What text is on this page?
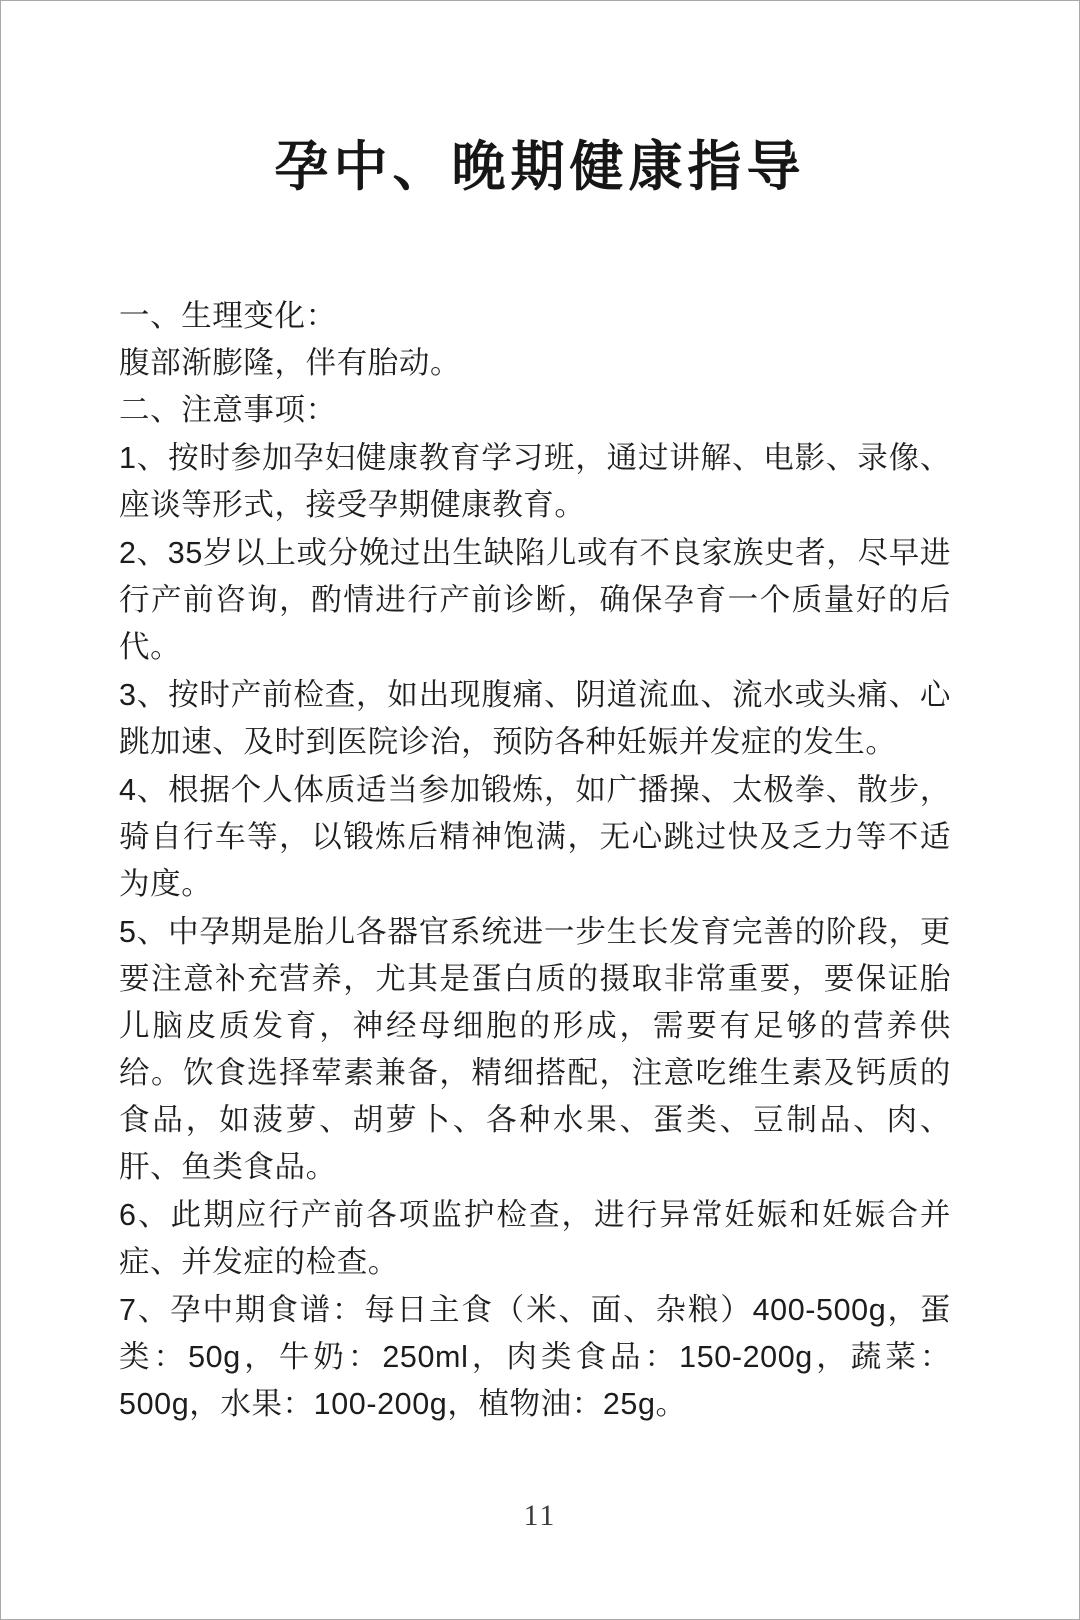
孕中、晚期健康指导

一、生理变化：

腹部渐膨隆，伴有胎动。

二、注意事项：

1、按时参加孕妇健康教育学习班，通过讲解、电影、录像、座谈等形式，接受孕期健康教育。

2、35岁以上或分娩过出生缺陷儿或有不良家族史者，尽早进行产前咨询，酌情进行产前诊断，确保孕育一个质量好的后代。

3、按时产前检查，如出现腹痛、阴道流血、流水或头痛、心跳加速、及时到医院诊治，预防各种妊娠并发症的发生。

4、根据个人体质适当参加锻炼，如广播操、太极拳、散步，骑自行车等，以锻炼后精神饱满，无心跳过快及乏力等不适为度。

5、中孕期是胎儿各器官系统进一步生长发育完善的阶段，更要注意补充营养，尤其是蛋白质的摄取非常重要，要保证胎儿脑皮质发育，神经母细胞的形成，需要有足够的营养供给。饮食选择荤素兼备，精细搭配，注意吃维生素及钙质的食品，如菠萝、胡萝卜、各种水果、蛋类、豆制品、肉、肝、鱼类食品。

6、此期应行产前各项监护检查，进行异常妊娠和妊娠合并症、并发症的检查。

7、孕中期食谱：每日主食（米、面、杂粮）400-500g，蛋类：50g，牛奶：250ml，肉类食品：150-200g，蔬菜：500g，水果：100-200g，植物油：25g。

11
